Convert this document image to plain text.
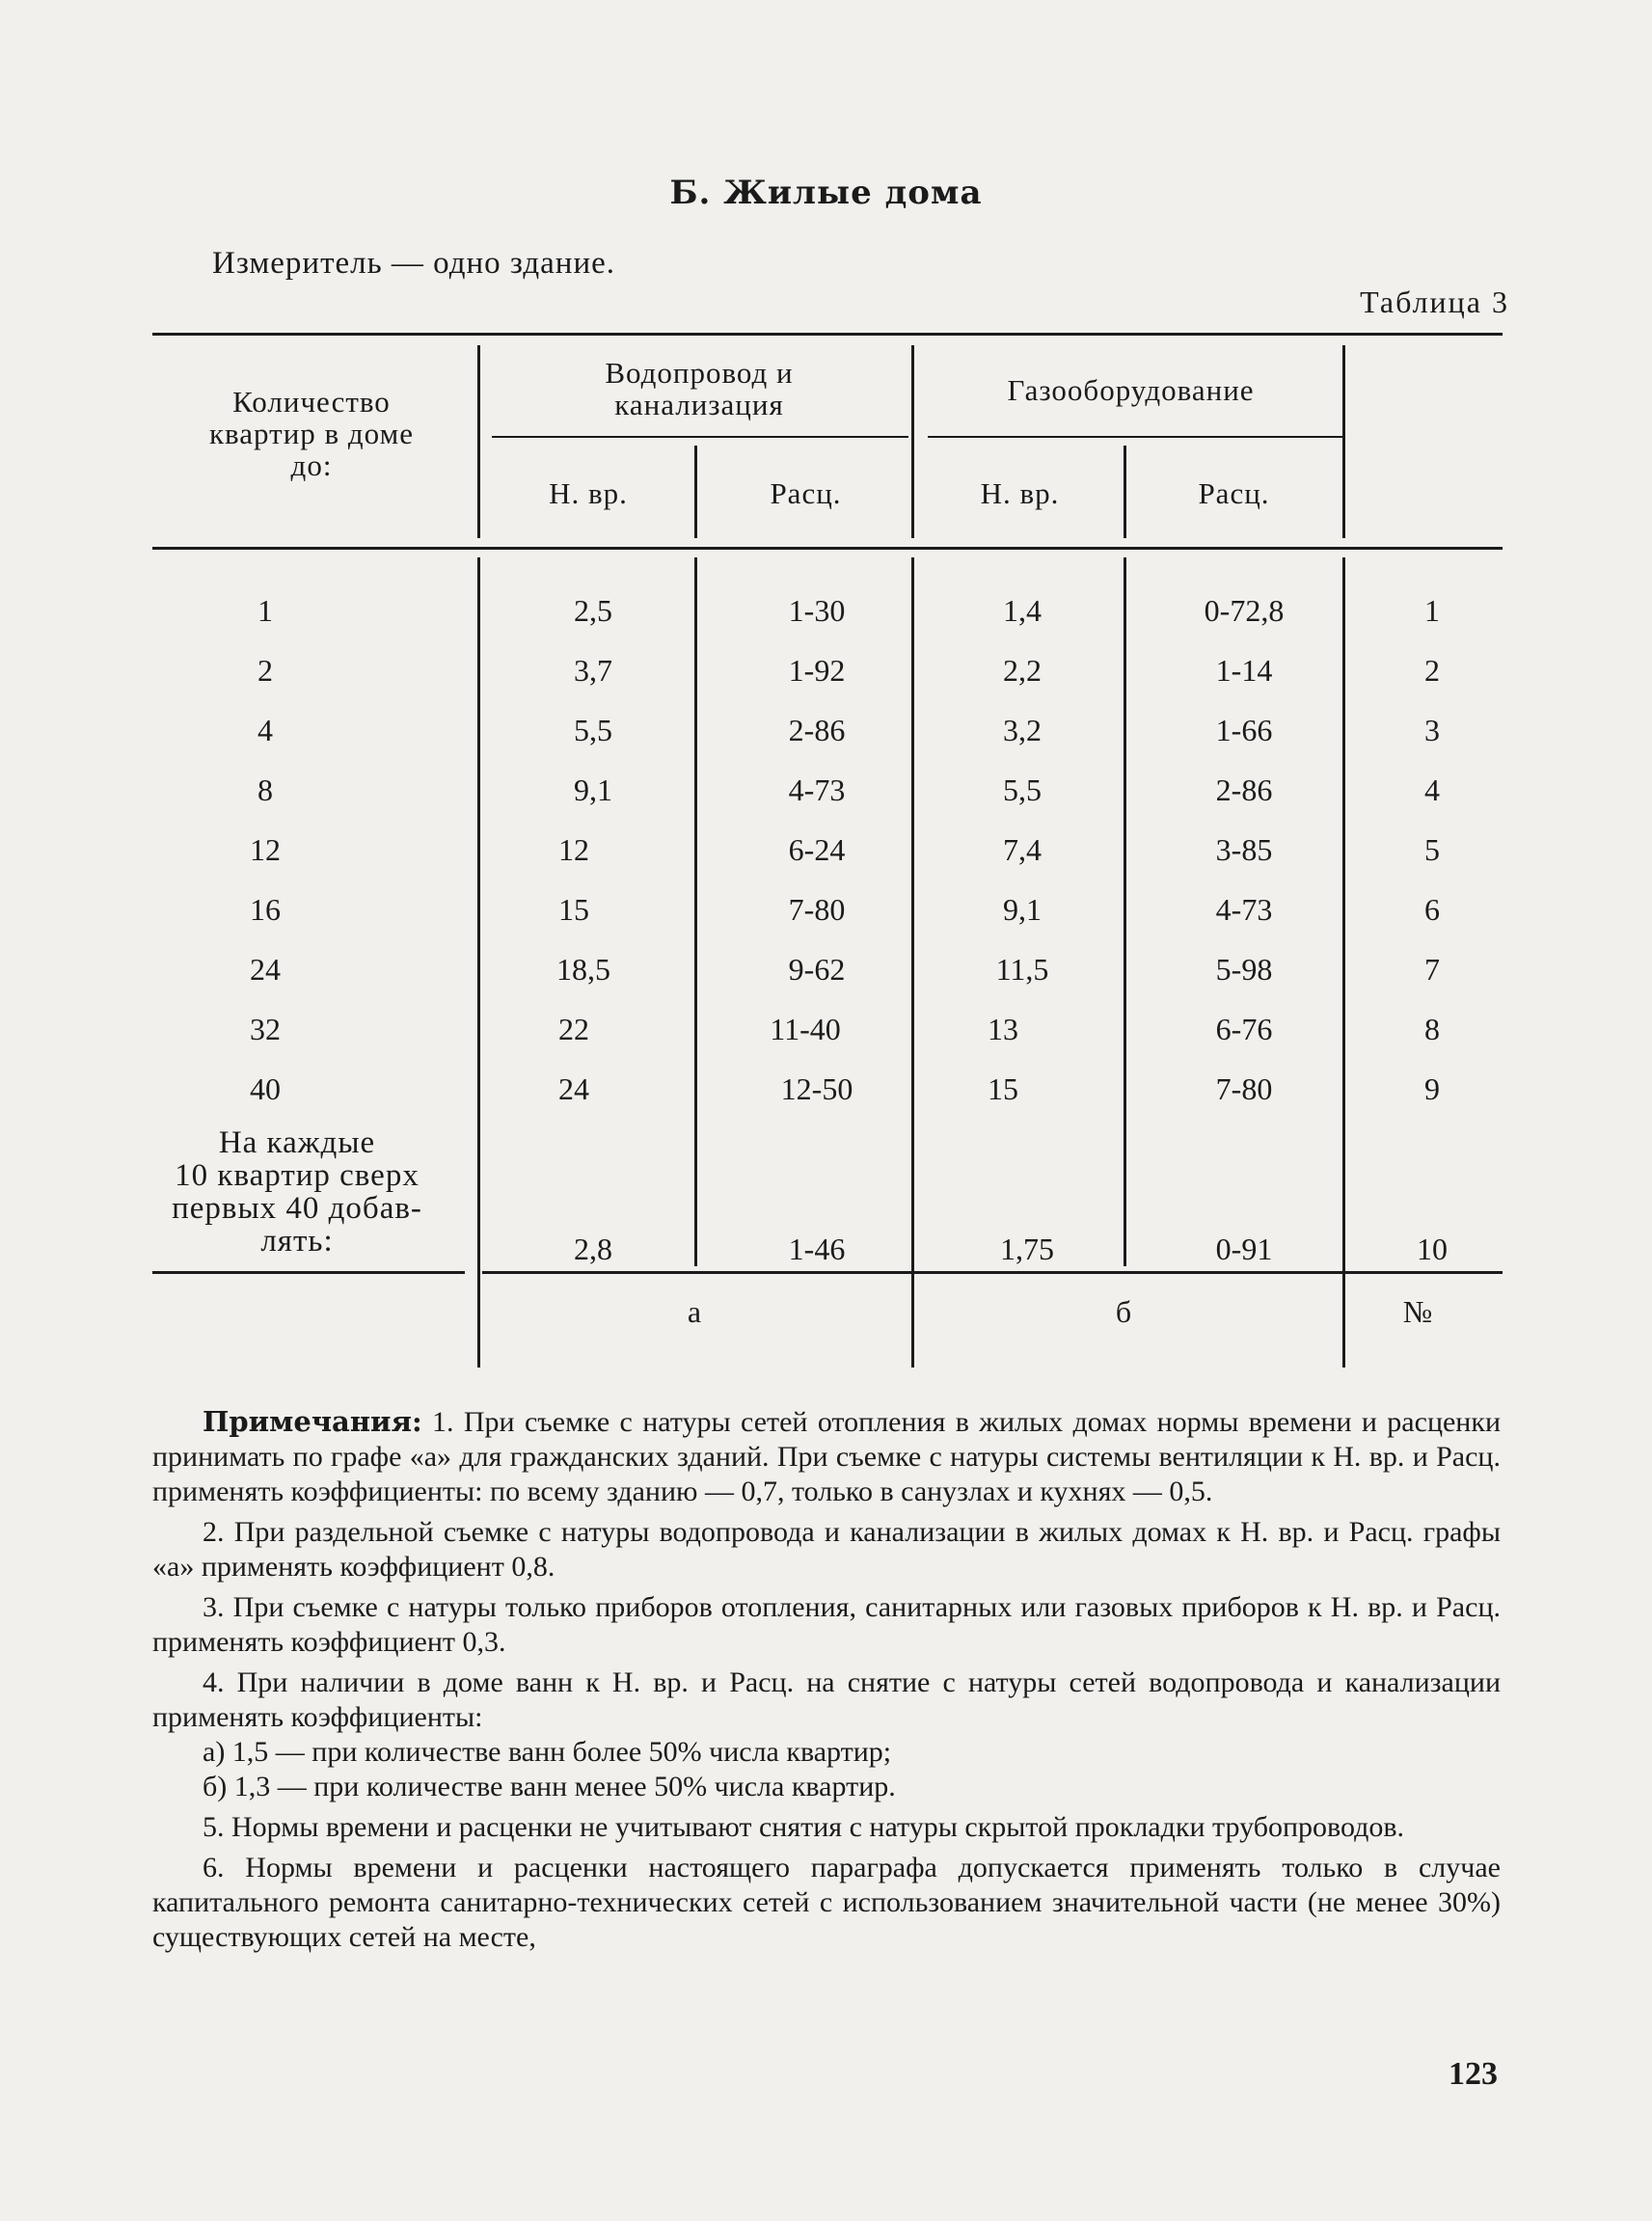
Б. Жилые дома
Измеритель — одно здание.
Таблица 3
Количество
квартир в доме
до:
Водопровод и
канализация	Газооборудование
Н. вр.	Расц.	Н. вр.	Расц.
1	2,5	1-30	1,4	0-72,8	1
2	3,7	1-92	2,2	1-14	2
4	5,5	2-86	3,2	1-66	3
8	9,1	4-73	5,5	2-86	4
12	12	6-24	7,4	3-85	5
16	15	7-80	9,1	4-73	6
24	18,5	9-62	11,5	5-98	7
32	22	11-40	13	6-76	8
40	24	12-50	15	7-80	9
На каждые
10 квартир сверх
первых 40 добав-
лять:	2,8	1-46	1,75	0-91	10
а	б	№

Примечания: 1. При съемке с натуры сетей отопления в жилых домах нормы времени и расценки принимать по графе «а» для гражданских зданий. При съемке с натуры системы вентиляции к Н. вр. и Расц. применять коэффициенты: по всему зданию — 0,7, только в санузлах и кухнях — 0,5.

2. При раздельной съемке с натуры водопровода и канализации в жилых домах к Н. вр. и Расц. графы «а» применять коэффициент 0,8.

3. При съемке с натуры только приборов отопления, санитарных или газовых приборов к Н. вр. и Расц. применять коэффициент 0,3.

4. При наличии в доме ванн к Н. вр. и Расц. на снятие с натуры сетей водопровода и канализации применять коэффициенты:

а) 1,5 — при количестве ванн более 50% числа квартир;

б) 1,3 — при количестве ванн менее 50% числа квартир.

5. Нормы времени и расценки не учитывают снятия с натуры скрытой прокладки трубопроводов.

6. Нормы времени и расценки настоящего параграфа допускается применять только в случае капитального ремонта санитарно-технических сетей с использованием значительной части (не менее 30%) существующих сетей на месте,

123
